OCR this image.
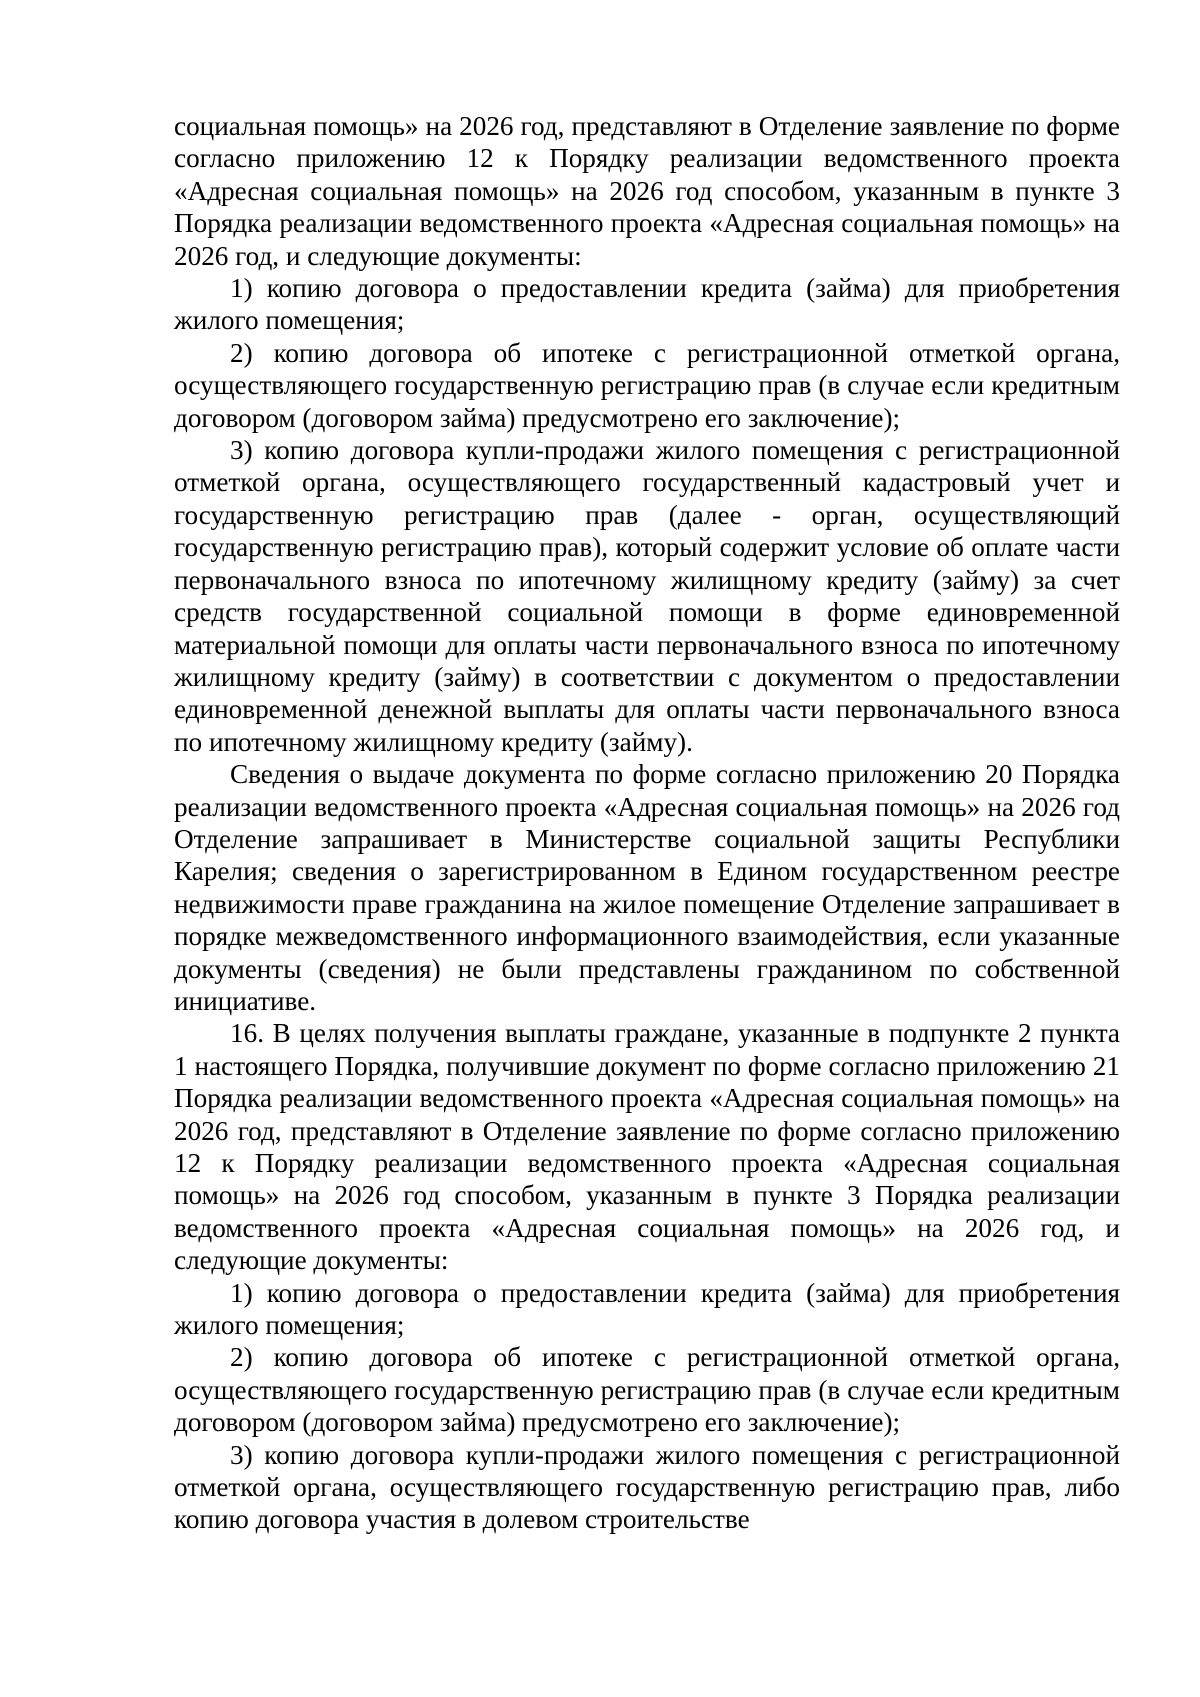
социальная помощь» на 2026 год, представляют в Отделение заявление по форме согласно приложению 12 к Порядку реализации ведомственного проекта «Адресная социальная помощь» на 2026 год способом, указанным в пункте 3 Порядка реализации ведомственного проекта «Адресная социальная помощь» на 2026 год, и следующие документы:

1) копию договора о предоставлении кредита (займа) для приобретения жилого помещения;

2) копию договора об ипотеке с регистрационной отметкой органа, осуществляющего государственную регистрацию прав (в случае если кредитным договором (договором займа) предусмотрено его заключение);

3) копию договора купли-продажи жилого помещения с регистрационной отметкой органа, осуществляющего государственный кадастровый учет и государственную регистрацию прав (далее - орган, осуществляющий государственную регистрацию прав), который содержит условие об оплате части первоначального взноса по ипотечному жилищному кредиту (займу) за счет средств государственной социальной помощи в форме единовременной материальной помощи для оплаты части первоначального взноса по ипотечному жилищному кредиту (займу) в соответствии с документом о предоставлении единовременной денежной выплаты для оплаты части первоначального взноса по ипотечному жилищному кредиту (займу).

Сведения о выдаче документа по форме согласно приложению 20 Порядка реализации ведомственного проекта «Адресная социальная помощь» на 2026 год Отделение запрашивает в Министерстве социальной защиты Республики Карелия; сведения о зарегистрированном в Едином государственном реестре недвижимости праве гражданина на жилое помещение Отделение запрашивает в порядке межведомственного информационного взаимодействия, если указанные документы (сведения) не были представлены гражданином по собственной инициативе.

16. В целях получения выплаты граждане, указанные в подпункте 2 пункта 1 настоящего Порядка, получившие документ по форме согласно приложению 21 Порядка реализации ведомственного проекта «Адресная социальная помощь» на 2026 год, представляют в Отделение заявление по форме согласно приложению 12 к Порядку реализации ведомственного проекта «Адресная социальная помощь» на 2026 год способом, указанным в пункте 3 Порядка реализации ведомственного проекта «Адресная социальная помощь» на 2026 год, и следующие документы:

1) копию договора о предоставлении кредита (займа) для приобретения жилого помещения;

2) копию договора об ипотеке с регистрационной отметкой органа, осуществляющего государственную регистрацию прав (в случае если кредитным договором (договором займа) предусмотрено его заключение);

3) копию договора купли-продажи жилого помещения с регистрационной отметкой органа, осуществляющего государственную регистрацию прав, либо копию договора участия в долевом строительстве
